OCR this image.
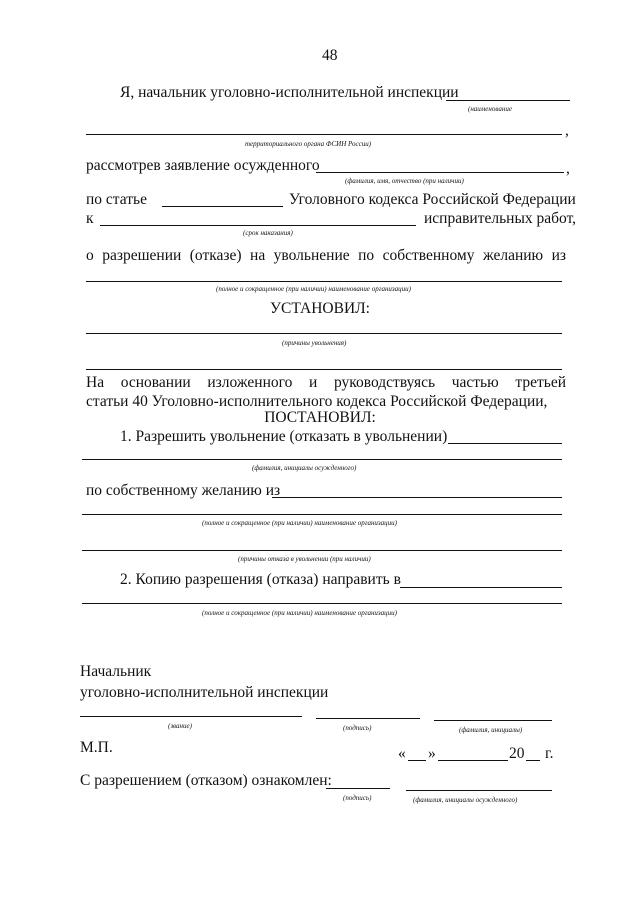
48
Я, начальник уголовно-исполнительной инспекции
(наименование
,
территориального органа ФСИН России)
рассмотрев заявление осужденного	,
(фамилия, имя, отчество (при наличии)
по статье	Уголовного кодекса Российской Федерации
к	исправительных работ,
(срок наказания)
о разрешении (отказе) на увольнение по собственному желанию из
(полное и сокращенное (при наличии) наименование организации)
УСТАНОВИЛ:
(причины увольнения)
На основании изложенного и руководствуясь частью третьей
статьи 40 Уголовно-исполнительного кодекса Российской Федерации,
ПОСТАНОВИЛ:
1. Разрешить увольнение (отказать в увольнении)
(фамилия, инициалы осужденного)
по собственному желанию из
(полное и сокращенное (при наличии) наименование организации)
(причины отказа в увольнении (при наличии)
2. Копию разрешения (отказа) направить в
(полное и сокращенное (при наличии) наименование организации)
Начальник
уголовно-исполнительной инспекции
(звание)	(подпись)	(фамилия, инициалы)
М.П.	« »	20 г.
С разрешением (отказом) ознакомлен:
(подпись)	(фамилия, инициалы осужденного)
